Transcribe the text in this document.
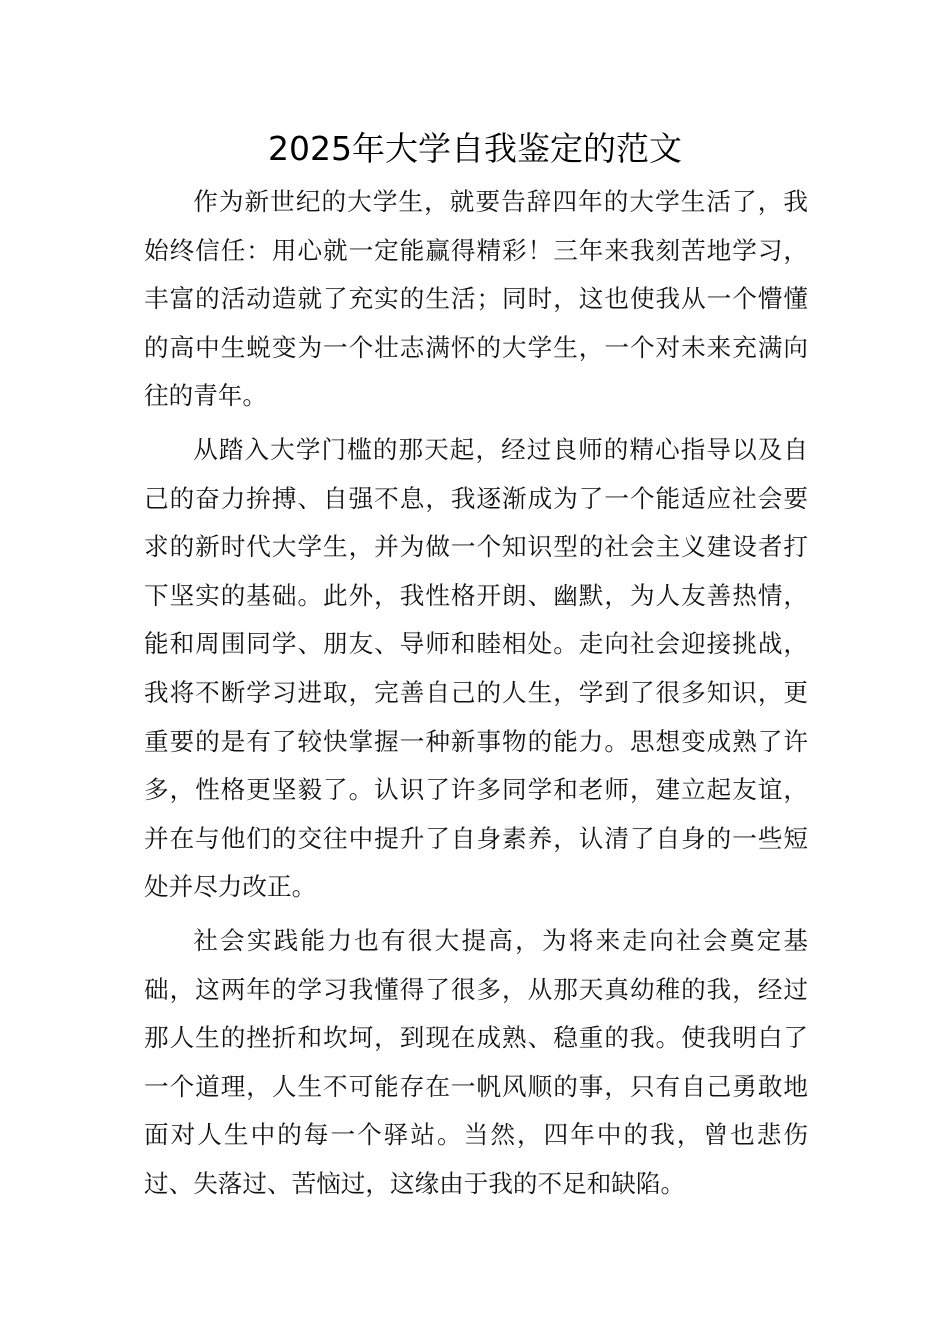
2025年大学自我鉴定的范文

作为新世纪的大学生，就要告辞四年的大学生活了，我始终信任：用心就一定能赢得精彩！三年来我刻苦地学习，丰富的活动造就了充实的生活；同时，这也使我从一个懵懂的高中生蜕变为一个壮志满怀的大学生，一个对未来充满向往的青年。

从踏入大学门槛的那天起，经过良师的精心指导以及自己的奋力拚搏、自强不息，我逐渐成为了一个能适应社会要求的新时代大学生，并为做一个知识型的社会主义建设者打下坚实的基础。此外，我性格开朗、幽默，为人友善热情，能和周围同学、朋友、导师和睦相处。走向社会迎接挑战，我将不断学习进取，完善自己的人生，学到了很多知识，更重要的是有了较快掌握一种新事物的能力。思想变成熟了许多，性格更坚毅了。认识了许多同学和老师，建立起友谊，并在与他们的交往中提升了自身素养，认清了自身的一些短处并尽力改正。

社会实践能力也有很大提高，为将来走向社会奠定基础，这两年的学习我懂得了很多，从那天真幼稚的我，经过那人生的挫折和坎坷，到现在成熟、稳重的我。使我明白了一个道理，人生不可能存在一帆风顺的事，只有自己勇敢地面对人生中的每一个驿站。当然，四年中的我，曾也悲伤过、失落过、苦恼过，这缘由于我的不足和缺陷。
